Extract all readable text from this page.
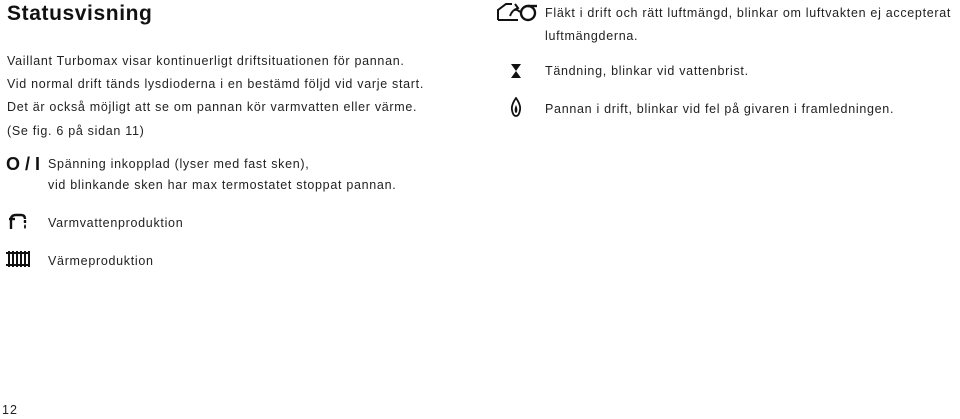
Statusvisning
Vaillant Turbomax visar kontinuerligt driftsituationen för pannan.
Vid normal drift tänds lysdioderna i en bestämd följd vid varje start.
Det är också möjligt att se om pannan kör varmvatten eller värme.
(Se fig. 6 på sidan 11)
O / I Spänning inkopplad (lyser med fast sken),
vid blinkande sken har max termostatet stoppat pannan.
Varmvattenproduktion
Värmeproduktion
Fläkt i drift och rätt luftmängd, blinkar om luftvakten ej accepterat
luftmängderna.
Tändning, blinkar vid vattenbrist.
Pannan i drift, blinkar vid fel på givaren i framledningen.
12
